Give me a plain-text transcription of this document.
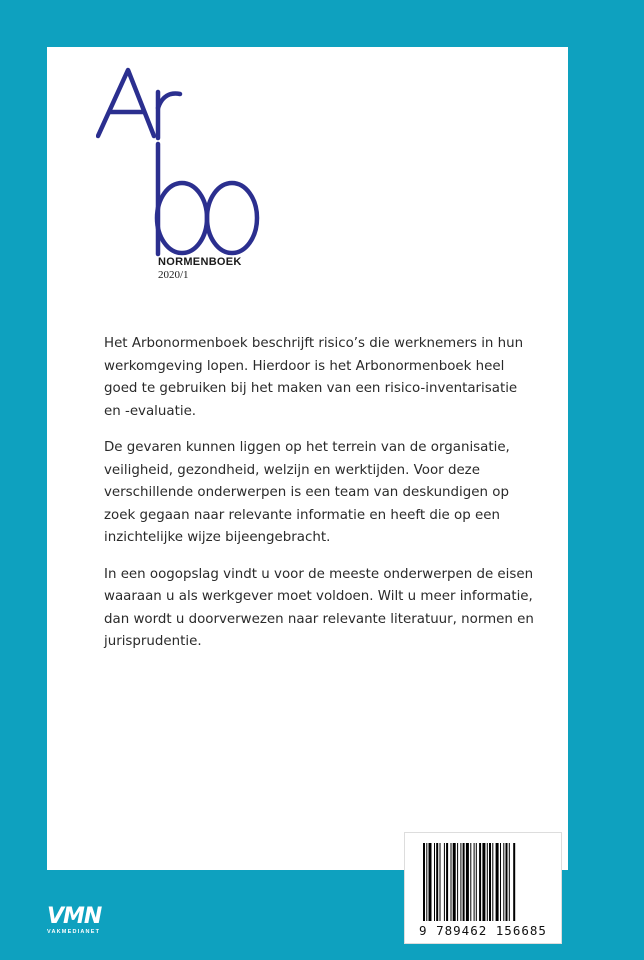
NORMENBOEK
2020/1

Het Arbonormenboek beschrijft risico’s die werknemers in hun werkomgeving lopen. Hierdoor is het Arbonormenboek heel goed te gebruiken bij het maken van een risico-inventarisatie en -evaluatie.

De gevaren kunnen liggen op het terrein van de organisatie, veiligheid, gezondheid, welzijn en werktijden. Voor deze verschillende onderwerpen is een team van deskundigen op zoek gegaan naar relevante informatie en heeft die op een inzichtelijke wijze bijeengebracht.

In een oogopslag vindt u voor de meeste onderwerpen de eisen waaraan u als werkgever moet voldoen. Wilt u meer informatie, dan wordt u doorverwezen naar relevante literatuur, normen en jurisprudentie.

9 789462 156685
VMN
VAKMEDIANET
